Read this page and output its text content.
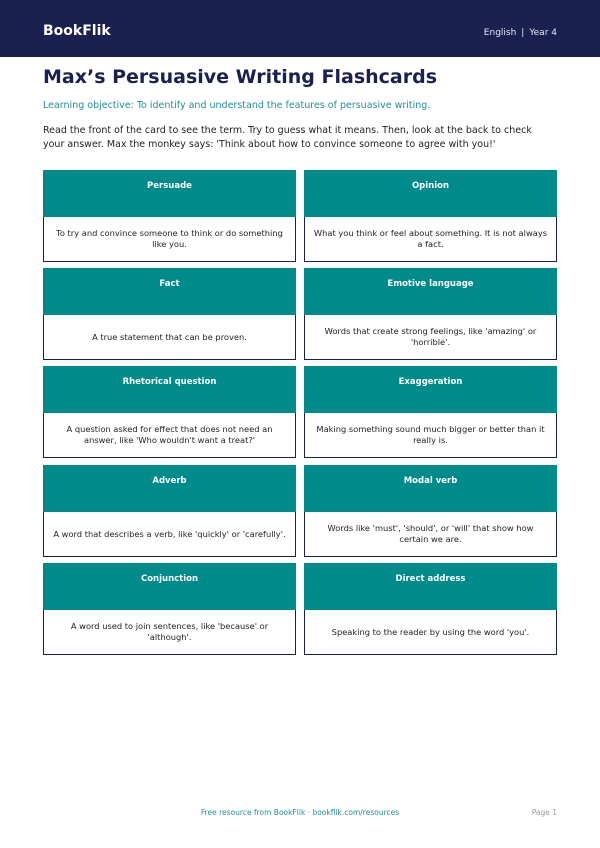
BookFlik	English | Year 4
Max’s Persuasive Writing Flashcards
Learning objective: To identify and understand the features of persuasive writing.
Read the front of the card to see the term. Try to guess what it means. Then, look at the back to check your answer. Max the monkey says: 'Think about how to convince someone to agree with you!'
Persuade
To try and convince someone to think or do something like you.
Opinion
What you think or feel about something. It is not always a fact.
Fact
A true statement that can be proven.
Emotive language
Words that create strong feelings, like 'amazing' or 'horrible'.
Rhetorical question
A question asked for effect that does not need an answer, like 'Who wouldn't want a treat?'
Exaggeration
Making something sound much bigger or better than it really is.
Adverb
A word that describes a verb, like 'quickly' or 'carefully'.
Modal verb
Words like 'must', 'should', or 'will' that show how certain we are.
Conjunction
A word used to join sentences, like 'because' or 'although'.
Direct address
Speaking to the reader by using the word 'you'.
Free resource from BookFlik · bookflik.com/resources	Page 1
